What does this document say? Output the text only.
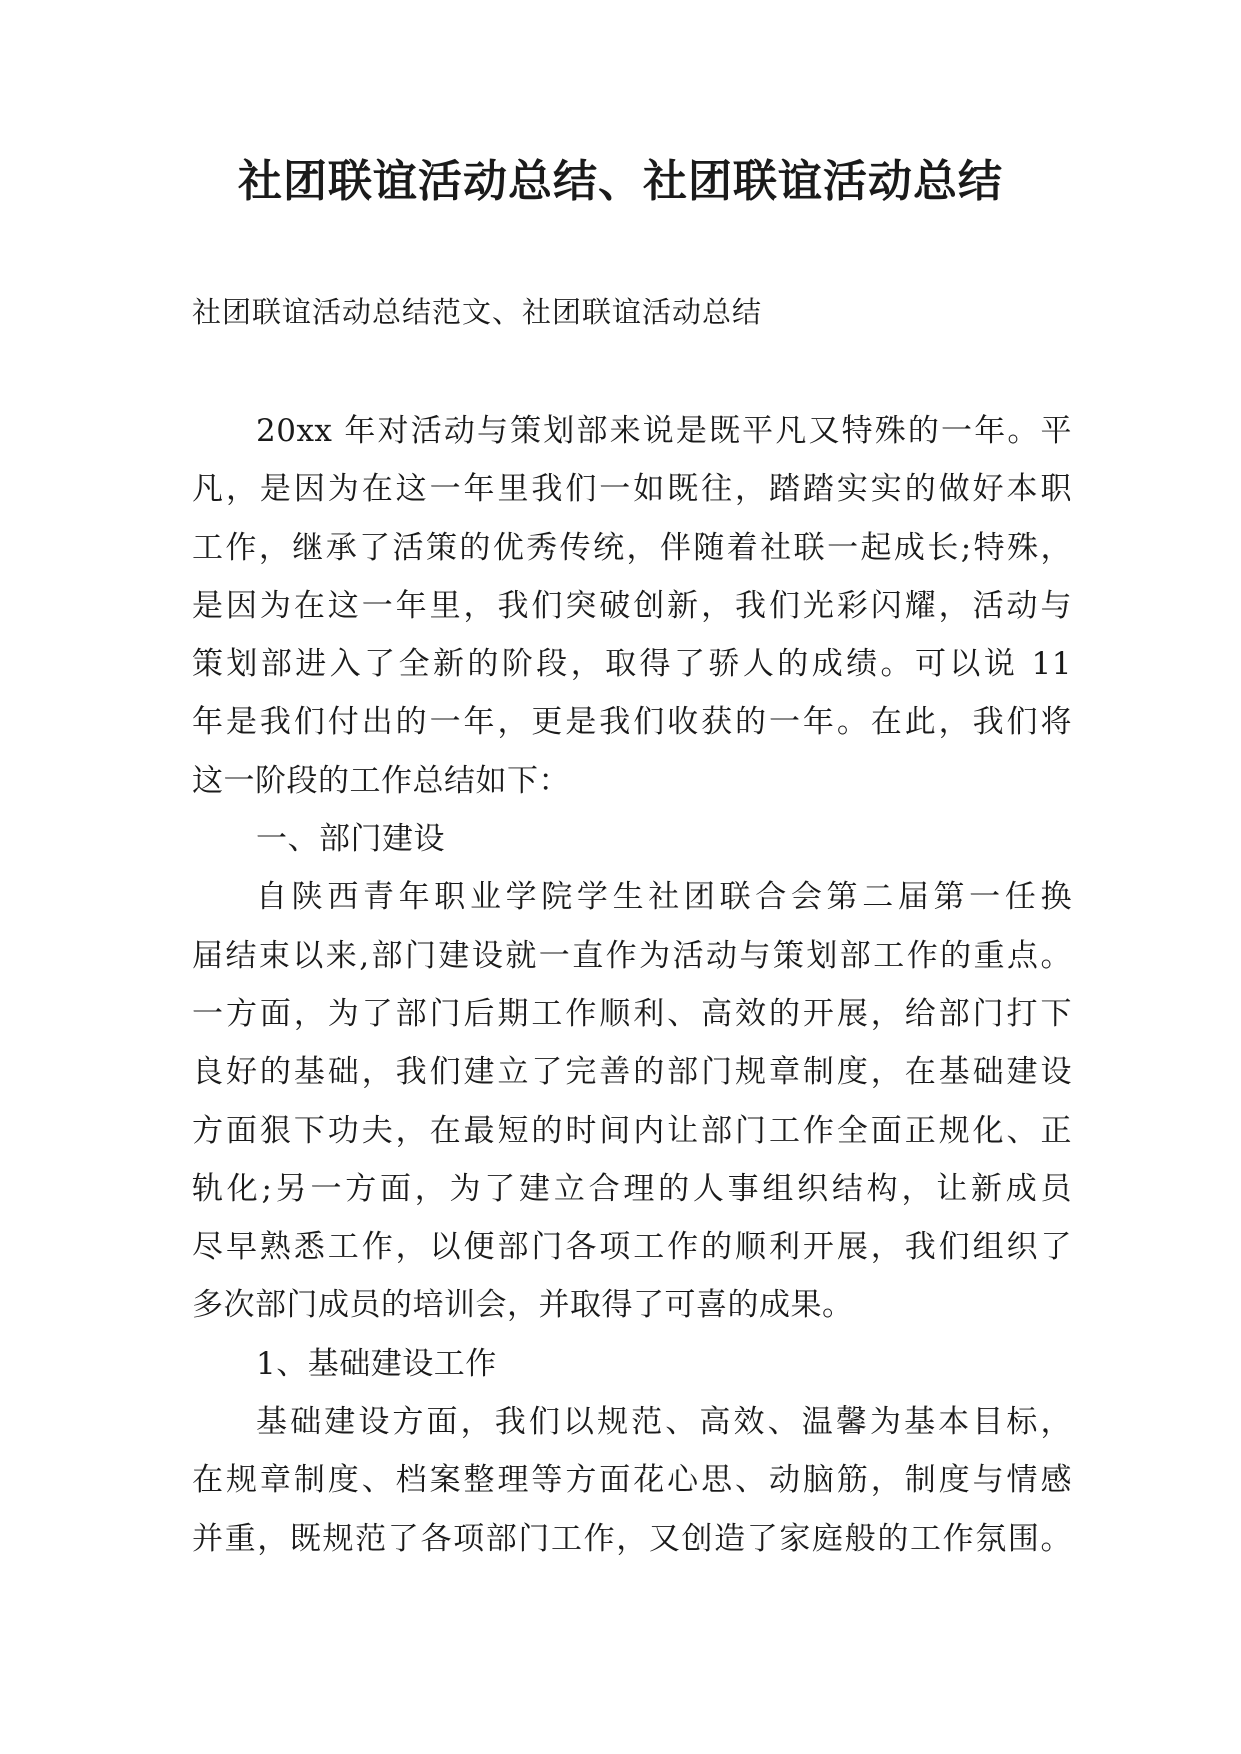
社团联谊活动总结、社团联谊活动总结
社团联谊活动总结范文、社团联谊活动总结
20xx 年对活动与策划部来说是既平凡又特殊的一年。平
凡，是因为在这一年里我们一如既往，踏踏实实的做好本职
工作，继承了活策的优秀传统，伴随着社联一起成长;特殊，
是因为在这一年里，我们突破创新，我们光彩闪耀，活动与
策划部进入了全新的阶段，取得了骄人的成绩。可以说 11
年是我们付出的一年，更是我们收获的一年。在此，我们将
这一阶段的工作总结如下：
一、部门建设
自陕西青年职业学院学生社团联合会第二届第一任换
届结束以来,部门建设就一直作为活动与策划部工作的重点。
一方面，为了部门后期工作顺利、高效的开展，给部门打下
良好的基础，我们建立了完善的部门规章制度，在基础建设
方面狠下功夫，在最短的时间内让部门工作全面正规化、正
轨化;另一方面，为了建立合理的人事组织结构，让新成员
尽早熟悉工作，以便部门各项工作的顺利开展，我们组织了
多次部门成员的培训会，并取得了可喜的成果。
1、基础建设工作
基础建设方面，我们以规范、高效、温馨为基本目标，
在规章制度、档案整理等方面花心思、动脑筋，制度与情感
并重，既规范了各项部门工作，又创造了家庭般的工作氛围。
